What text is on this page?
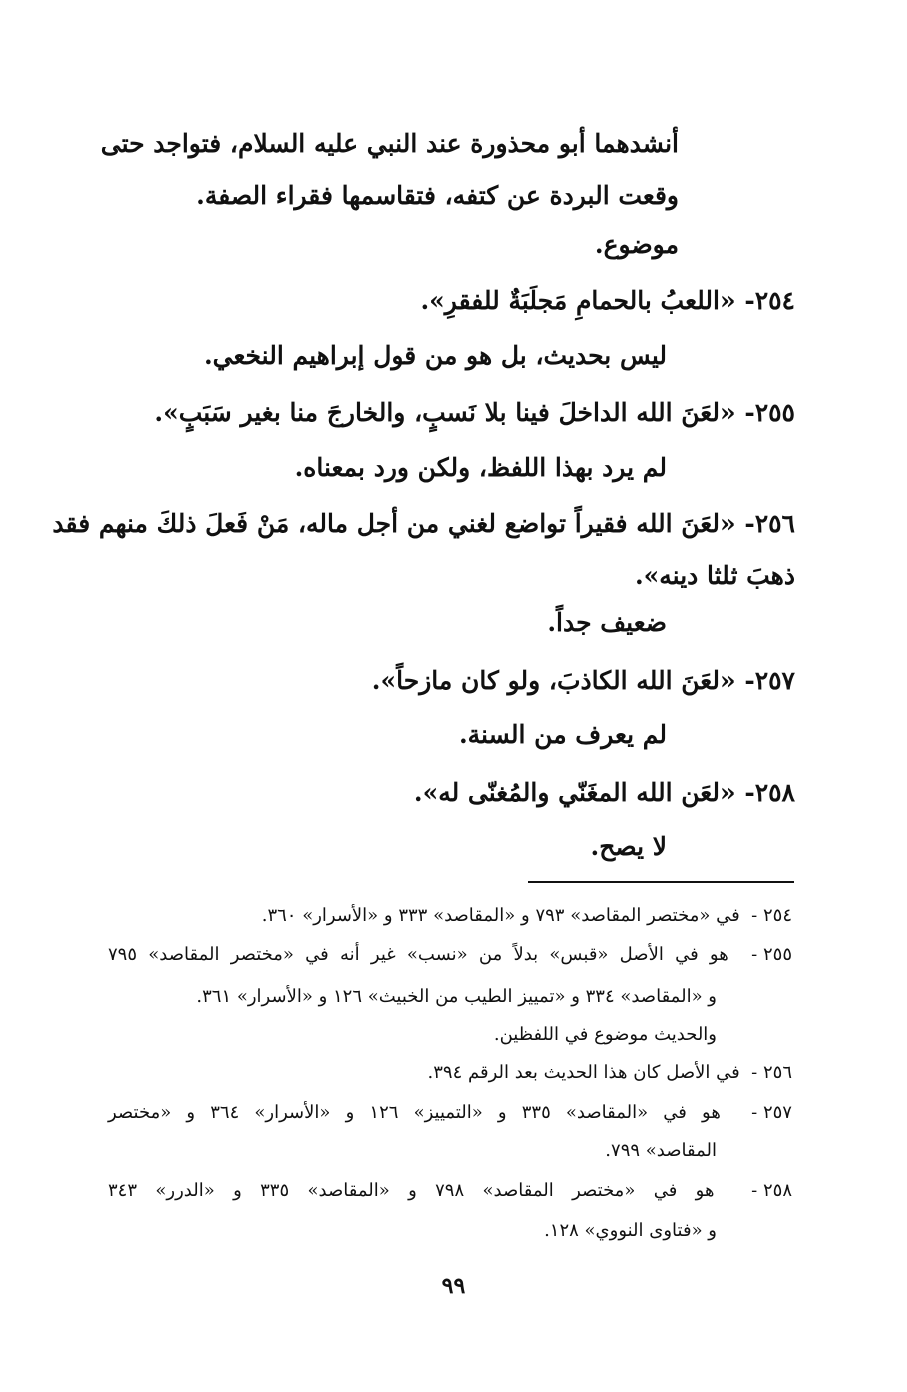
أنشدهما أبو محذورة عند النبي عليه السلام، فتواجد حتى
وقعت البردة عن كتفه، فتقاسمها فقراء الصفة.
موضوع.
٢٥٤- «اللعبُ بالحمامِ مَجلَبَةٌ للفقرِ».
ليس بحديث، بل هو من قول إبراهيم النخعي.
٢٥٥- «لعَنَ الله الداخلَ فينا بلا نَسبٍ، والخارجَ منا بغير سَبَبٍ».
لم يرد بهذا اللفظ، ولكن ورد بمعناه.
٢٥٦- «لعَنَ الله فقيراً تواضع لغني من أجل ماله، مَنْ فَعلَ ذلكَ منهم فقد
ذهبَ ثلثا دينه».
ضعيف جداً.
٢٥٧- «لعَنَ الله الكاذبَ، ولو كان مازحاً».
لم يعرف من السنة.
٢٥٨- «لعَن الله المغَنّي والمُغنّى له».
لا يصح.
٢٥٤ -  في «مختصر المقاصد» ٧٩٣ و «المقاصد» ٣٣٣ و «الأسرار» ٣٦٠.
٢٥٥ -  هو في الأصل «قبس» بدلاً من «نسب» غير أنه في «مختصر المقاصد» ٧٩٥
و «المقاصد» ٣٣٤ و «تمييز الطيب من الخبيث» ١٢٦ و «الأسرار» ٣٦١.
والحديث موضوع في اللفظين.
٢٥٦ -  في الأصل كان هذا الحديث بعد الرقم ٣٩٤.
٢٥٧ -  هو في «المقاصد» ٣٣٥ و «التمييز» ١٢٦ و «الأسرار» ٣٦٤ و «مختصر
المقاصد» ٧٩٩.
٢٥٨ -  هو في «مختصر المقاصد» ٧٩٨ و «المقاصد» ٣٣٥ و «الدرر» ٣٤٣
و «فتاوى النووي» ١٢٨.
٩٩
